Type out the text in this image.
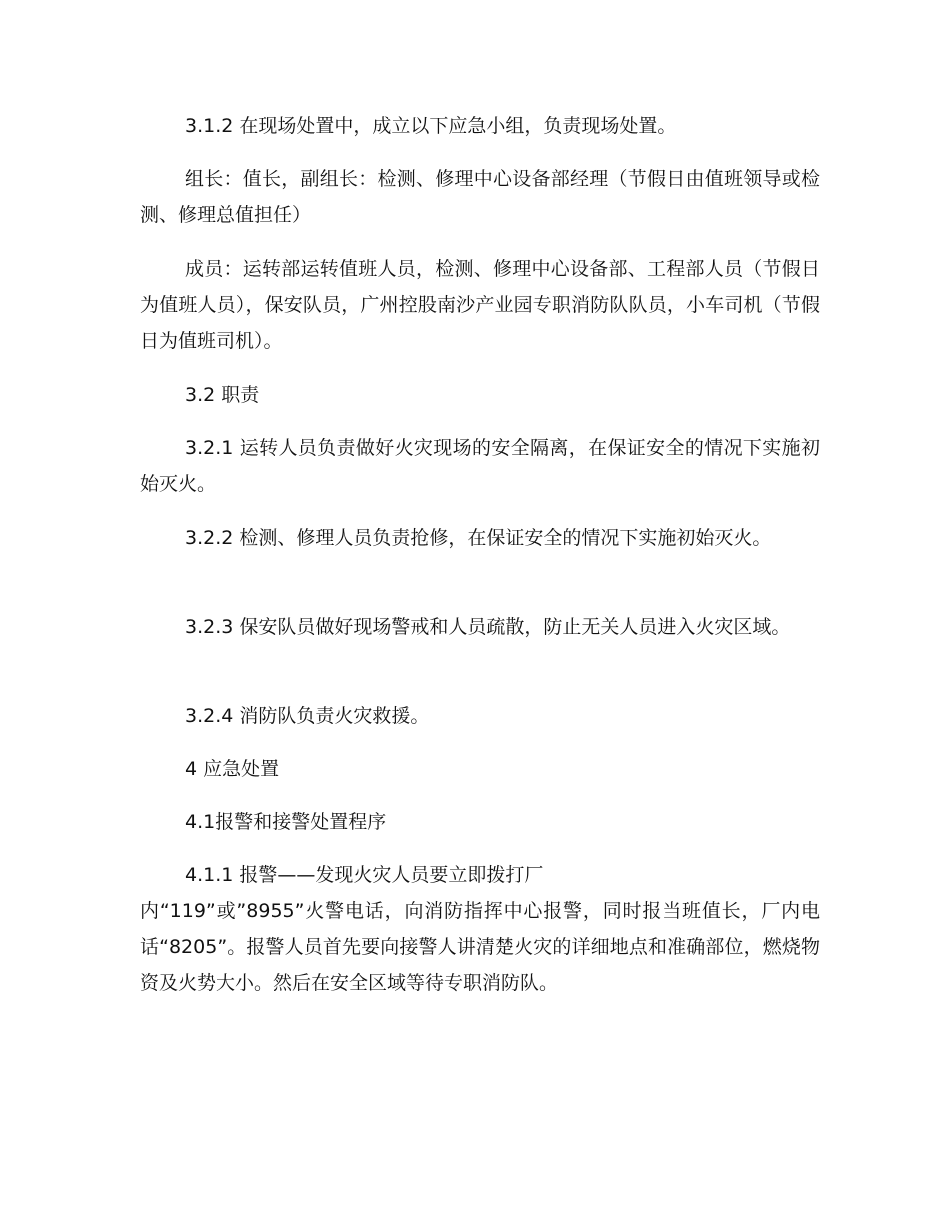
3.1.2 在现场处置中，成立以下应急小组，负责现场处置。

组长：值长，副组长：检测、修理中心设备部经理（节假日由值班领导或检测、修理总值担任）

成员：运转部运转值班人员，检测、修理中心设备部、工程部人员（节假日为值班人员），保安队员，广州控股南沙产业园专职消防队队员，小车司机（节假日为值班司机）。

3.2 职责

3.2.1 运转人员负责做好火灾现场的安全隔离，在保证安全的情况下实施初始灭火。

3.2.2 检测、修理人员负责抢修，在保证安全的情况下实施初始灭火。

3.2.3 保安队员做好现场警戒和人员疏散，防止无关人员进入火灾区域。

3.2.4 消防队负责火灾救援。

4 应急处置

4.1报警和接警处置程序

4.1.1 报警——发现火灾人员要立即拨打厂
内“119”或”8955”火警电话，向消防指挥中心报警，同时报当班值长，厂内电话“8205”。报警人员首先要向接警人讲清楚火灾的详细地点和准确部位，燃烧物资及火势大小。然后在安全区域等待专职消防队。
